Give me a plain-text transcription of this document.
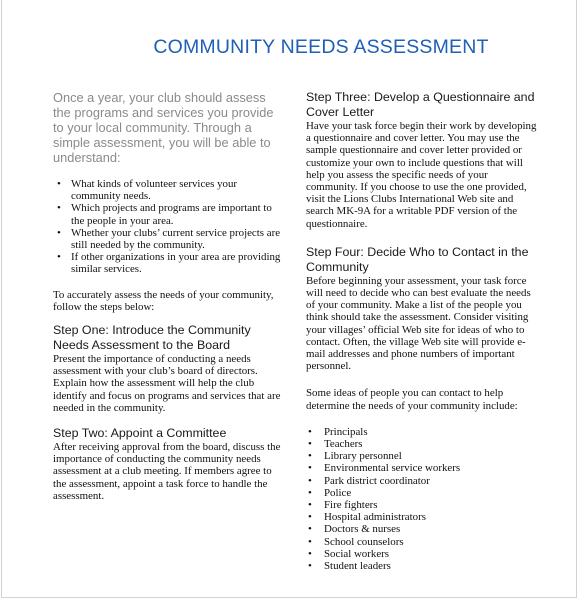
COMMUNITY NEEDS ASSESSMENT

Once a year, your club should assess the programs and services you provide to your local community. Through a simple assessment, you will be able to understand:

• What kinds of volunteer services your community needs.
• Which projects and programs are important to the people in your area.
• Whether your clubs’ current service projects are still needed by the community.
• If other organizations in your area are providing similar services.

To accurately assess the needs of your community, follow the steps below:

Step One: Introduce the Community Needs Assessment to the Board

Present the importance of conducting a needs assessment with your club’s board of directors. Explain how the assessment will help the club identify and focus on programs and services that are needed in the community.

Step Two: Appoint a Committee

After receiving approval from the board, discuss the importance of conducting the community needs assessment at a club meeting. If members agree to the assessment, appoint a task force to handle the assessment.

Step Three: Develop a Questionnaire and Cover Letter

Have your task force begin their work by developing a questionnaire and cover letter. You may use the sample questionnaire and cover letter provided or customize your own to include questions that will help you assess the specific needs of your community. If you choose to use the one provided, visit the Lions Clubs International Web site and search MK-9A for a writable PDF version of the questionnaire.

Step Four: Decide Who to Contact in the Community

Before beginning your assessment, your task force will need to decide who can best evaluate the needs of your community. Make a list of the people you think should take the assessment. Consider visiting your villages’ official Web site for ideas of who to contact. Often, the village Web site will provide e-mail addresses and phone numbers of important personnel.

Some ideas of people you can contact to help determine the needs of your community include:

• Principals
• Teachers
• Library personnel
• Environmental service workers
• Park district coordinator
• Police
• Fire fighters
• Hospital administrators
• Doctors & nurses
• School counselors
• Social workers
• Student leaders
